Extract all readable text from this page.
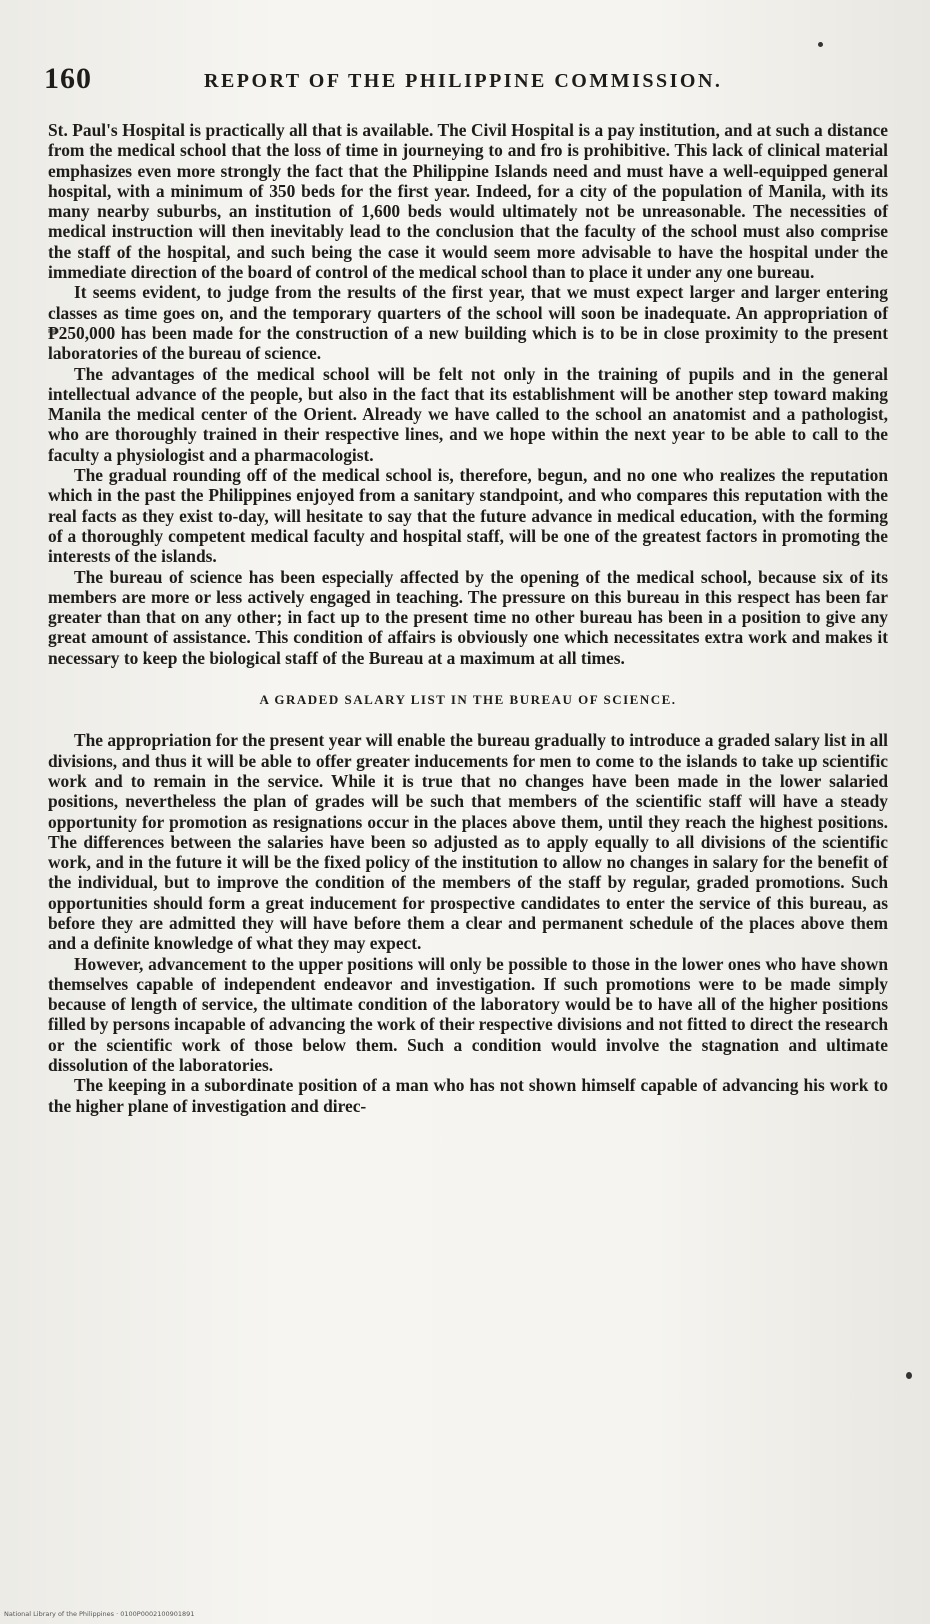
160	REPORT OF THE PHILIPPINE COMMISSION.

St. Paul's Hospital is practically all that is available. The Civil Hospital is a pay institution, and at such a distance from the medical school that the loss of time in journeying to and fro is prohibitive. This lack of clinical material emphasizes even more strongly the fact that the Philippine Islands need and must have a well-equipped general hospital, with a minimum of 350 beds for the first year. Indeed, for a city of the population of Manila, with its many nearby suburbs, an institution of 1,600 beds would ultimately not be unreasonable. The necessities of medical instruction will then inevitably lead to the conclusion that the faculty of the school must also comprise the staff of the hospital, and such being the case it would seem more advisable to have the hospital under the immediate direction of the board of control of the medical school than to place it under any one bureau.

It seems evident, to judge from the results of the first year, that we must expect larger and larger entering classes as time goes on, and the temporary quarters of the school will soon be inadequate. An appropriation of ₱250,000 has been made for the construction of a new building which is to be in close proximity to the present laboratories of the bureau of science.

The advantages of the medical school will be felt not only in the training of pupils and in the general intellectual advance of the people, but also in the fact that its establishment will be another step toward making Manila the medical center of the Orient. Already we have called to the school an anatomist and a pathologist, who are thoroughly trained in their respective lines, and we hope within the next year to be able to call to the faculty a physiologist and a pharmacologist.

The gradual rounding off of the medical school is, therefore, begun, and no one who realizes the reputation which in the past the Philippines enjoyed from a sanitary standpoint, and who compares this reputation with the real facts as they exist to-day, will hesitate to say that the future advance in medical education, with the forming of a thoroughly competent medical faculty and hospital staff, will be one of the greatest factors in promoting the interests of the islands.

The bureau of science has been especially affected by the opening of the medical school, because six of its members are more or less actively engaged in teaching. The pressure on this bureau in this respect has been far greater than that on any other; in fact up to the present time no other bureau has been in a position to give any great amount of assistance. This condition of affairs is obviously one which necessitates extra work and makes it necessary to keep the biological staff of the Bureau at a maximum at all times.

A GRADED SALARY LIST IN THE BUREAU OF SCIENCE.

The appropriation for the present year will enable the bureau gradually to introduce a graded salary list in all divisions, and thus it will be able to offer greater inducements for men to come to the islands to take up scientific work and to remain in the service. While it is true that no changes have been made in the lower salaried positions, nevertheless the plan of grades will be such that members of the scientific staff will have a steady opportunity for promotion as resignations occur in the places above them, until they reach the highest positions. The differences between the salaries have been so adjusted as to apply equally to all divisions of the scientific work, and in the future it will be the fixed policy of the institution to allow no changes in salary for the benefit of the individual, but to improve the condition of the members of the staff by regular, graded promotions. Such opportunities should form a great inducement for prospective candidates to enter the service of this bureau, as before they are admitted they will have before them a clear and permanent schedule of the places above them and a definite knowledge of what they may expect.

However, advancement to the upper positions will only be possible to those in the lower ones who have shown themselves capable of independent endeavor and investigation. If such promotions were to be made simply because of length of service, the ultimate condition of the laboratory would be to have all of the higher positions filled by persons incapable of advancing the work of their respective divisions and not fitted to direct the research or the scientific work of those below them. Such a condition would involve the stagnation and ultimate dissolution of the laboratories.

The keeping in a subordinate position of a man who has not shown himself capable of advancing his work to the higher plane of investigation and direc-

National Library of the Philippines · 0100P0002100901891
